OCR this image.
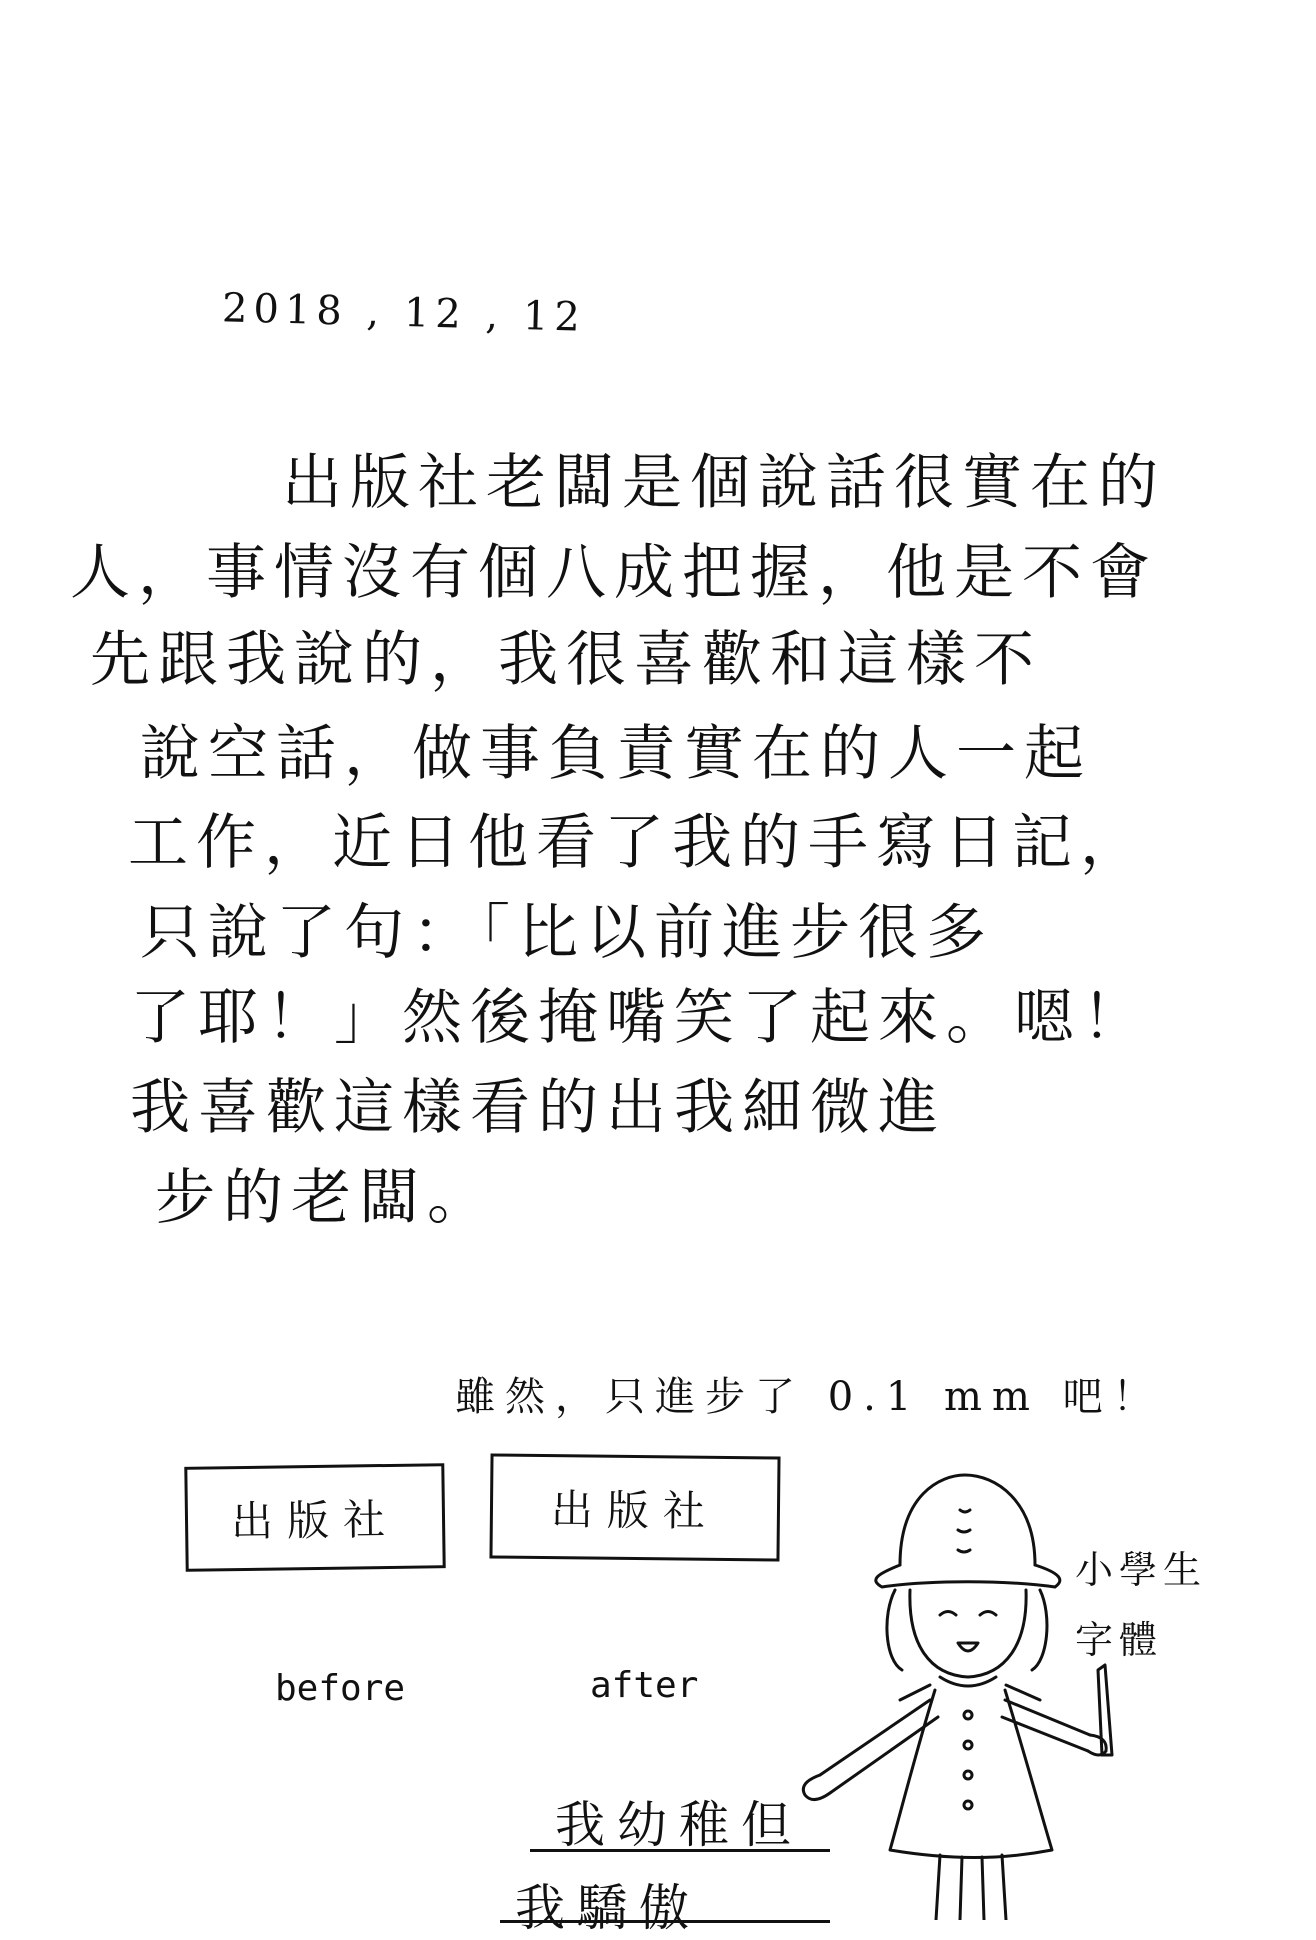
2018 , 12 , 12
出版社老闆是個說話很實在的
人，事情沒有個八成把握，他是不會
先跟我說的，我很喜歡和這樣不
說空話，做事負責實在的人一起
工作，近日他看了我的手寫日記，
只說了句：「比以前進步很多
了耶！」然後掩嘴笑了起來。嗯！
我喜歡這樣看的出我細微進
步的老闆。
雖然，只進步了 0.1 mm 吧！
出版社	出版社
before	after
小學生
字體
我幼稚但
我驕傲
